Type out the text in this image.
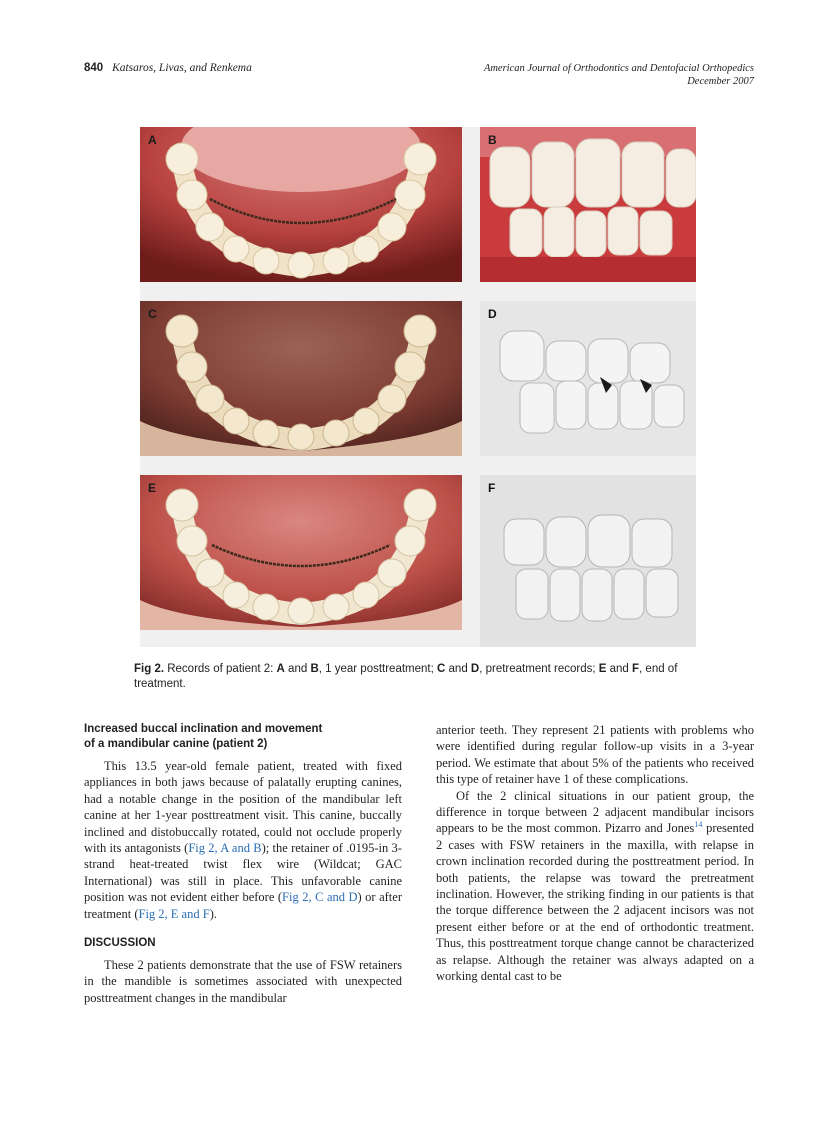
840 Katsaros, Livas, and Renkema	American Journal of Orthodontics and Dentofacial Orthopedics
December 2007
A	B
C	D
E	F
Fig 2. Records of patient 2: A and B, 1 year posttreatment; C and D, pretreatment records; E and F, end of treatment.
Increased buccal inclination and movement
of a mandibular canine (patient 2)

This 13.5 year-old female patient, treated with fixed appliances in both jaws because of palatally erupting canines, had a notable change in the position of the mandibular left canine at her 1-year posttreatment visit. This canine, buccally inclined and distobuccally rotated, could not occlude properly with its antagonists (Fig 2, A and B); the retainer of .0195-in 3-strand heat-treated twist flex wire (Wildcat; GAC International) was still in place. This unfavorable canine position was not evident either before (Fig 2, C and D) or after treatment (Fig 2, E and F).

DISCUSSION

These 2 patients demonstrate that the use of FSW retainers in the mandible is sometimes associated with unexpected posttreatment changes in the mandibular

anterior teeth. They represent 21 patients with problems who were identified during regular follow-up visits in a 3-year period. We estimate that about 5% of the patients who received this type of retainer have 1 of these complications.

Of the 2 clinical situations in our patient group, the difference in torque between 2 adjacent mandibular incisors appears to be the most common. Pizarro and Jones$^{14}$ presented 2 cases with FSW retainers in the maxilla, with relapse in crown inclination recorded during the posttreatment period. In both patients, the relapse was toward the pretreatment inclination. However, the striking finding in our patients is that the torque difference between the 2 adjacent incisors was not present either before or at the end of orthodontic treatment. Thus, this posttreatment torque change cannot be characterized as relapse. Although the retainer was always adapted on a working dental cast to be
